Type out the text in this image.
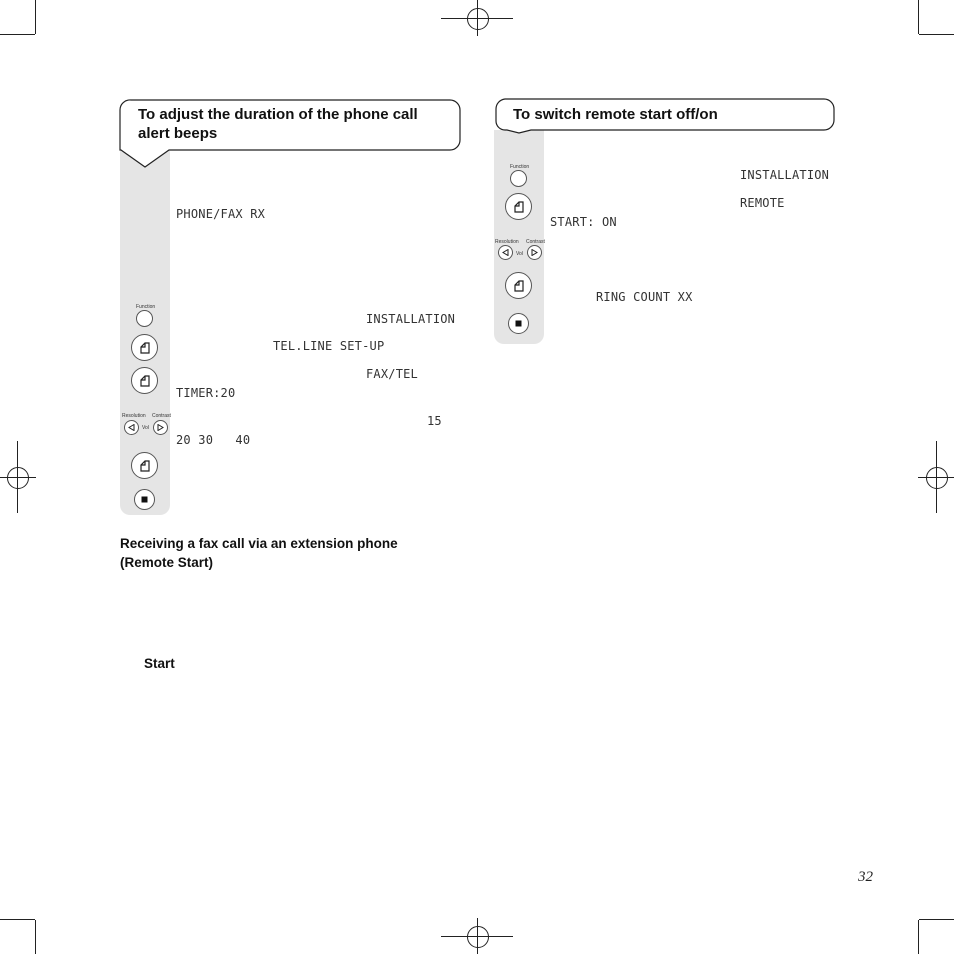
To adjust the duration of the phone call
alert beeps
PHONE/FAX RX
INSTALLATION
TEL.LINE SET-UP
FAX/TEL
TIMER:20
15
20 30   40
Function
Resolution Contrast
Vol
To switch remote start off/on
INSTALLATION
REMOTE
START: ON
RING COUNT XX
Function
Resolution Contrast
Vol
Receiving a fax call via an extension phone
(Remote Start)
Start
32
